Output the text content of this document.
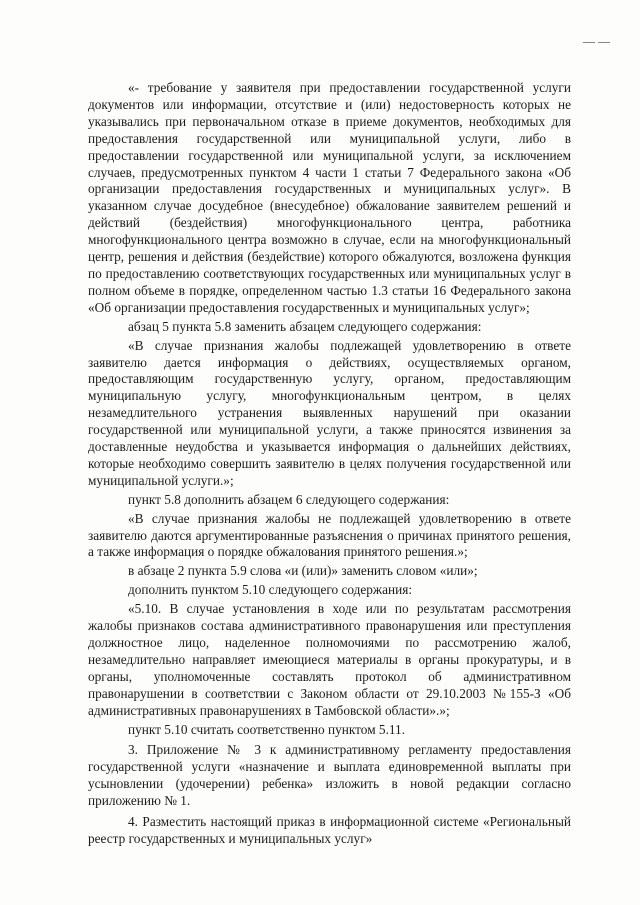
— —

«- требование у заявителя при предоставлении государственной услуги документов или информации, отсутствие и (или) недостоверность которых не указывались при первоначальном отказе в приеме документов, необходимых для предоставления государственной или муниципальной услуги, либо в предоставлении государственной или муниципальной услуги, за исключением случаев, предусмотренных пунктом 4 части 1 статьи 7 Федерального закона «Об организации предоставления государственных и муниципальных услуг». В указанном случае досудебное (внесудебное) обжалование заявителем решений и действий (бездействия) многофункционального центра, работника многофункционального центра возможно в случае, если на многофункциональный центр, решения и действия (бездействие) которого обжалуются, возложена функция по предоставлению соответствующих государственных или муниципальных услуг в полном объеме в порядке, определенном частью 1.3 статьи 16 Федерального закона «Об организации предоставления государственных и муниципальных услуг»;

абзац 5 пункта 5.8 заменить абзацем следующего содержания:

«В случае признания жалобы подлежащей удовлетворению в ответе заявителю дается информация о действиях, осуществляемых органом, предоставляющим государственную услугу, органом, предоставляющим муниципальную услугу, многофункциональным центром, в целях незамедлительного устранения выявленных нарушений при оказании государственной или муниципальной услуги, а также приносятся извинения за доставленные неудобства и указывается информация о дальнейших действиях, которые необходимо совершить заявителю в целях получения государственной или муниципальной услуги.»;

пункт 5.8 дополнить абзацем 6 следующего содержания:

«В случае признания жалобы не подлежащей удовлетворению в ответе заявителю даются аргументированные разъяснения о причинах принятого решения, а также информация о порядке обжалования принятого решения.»;

в абзаце 2 пункта 5.9 слова «и (или)» заменить словом «или»;

дополнить пунктом 5.10 следующего содержания:

«5.10. В случае установления в ходе или по результатам рассмотрения жалобы признаков состава административного правонарушения или преступления должностное лицо, наделенное полномочиями по рассмотрению жалоб, незамедлительно направляет имеющиеся материалы в органы прокуратуры, и в органы, уполномоченные составлять протокол об административном правонарушении в соответствии с Законом области от 29.10.2003 №155-З «Об административных правонарушениях в Тамбовской области».»;

пункт 5.10 считать соответственно пунктом 5.11.

3. Приложение № 3 к административному регламенту предоставления государственной услуги «назначение и выплата единовременной выплаты при усыновлении (удочерении) ребенка» изложить в новой редакции согласно приложению № 1.

4. Разместить настоящий приказ в информационной системе «Региональный реестр государственных и муниципальных услуг»
